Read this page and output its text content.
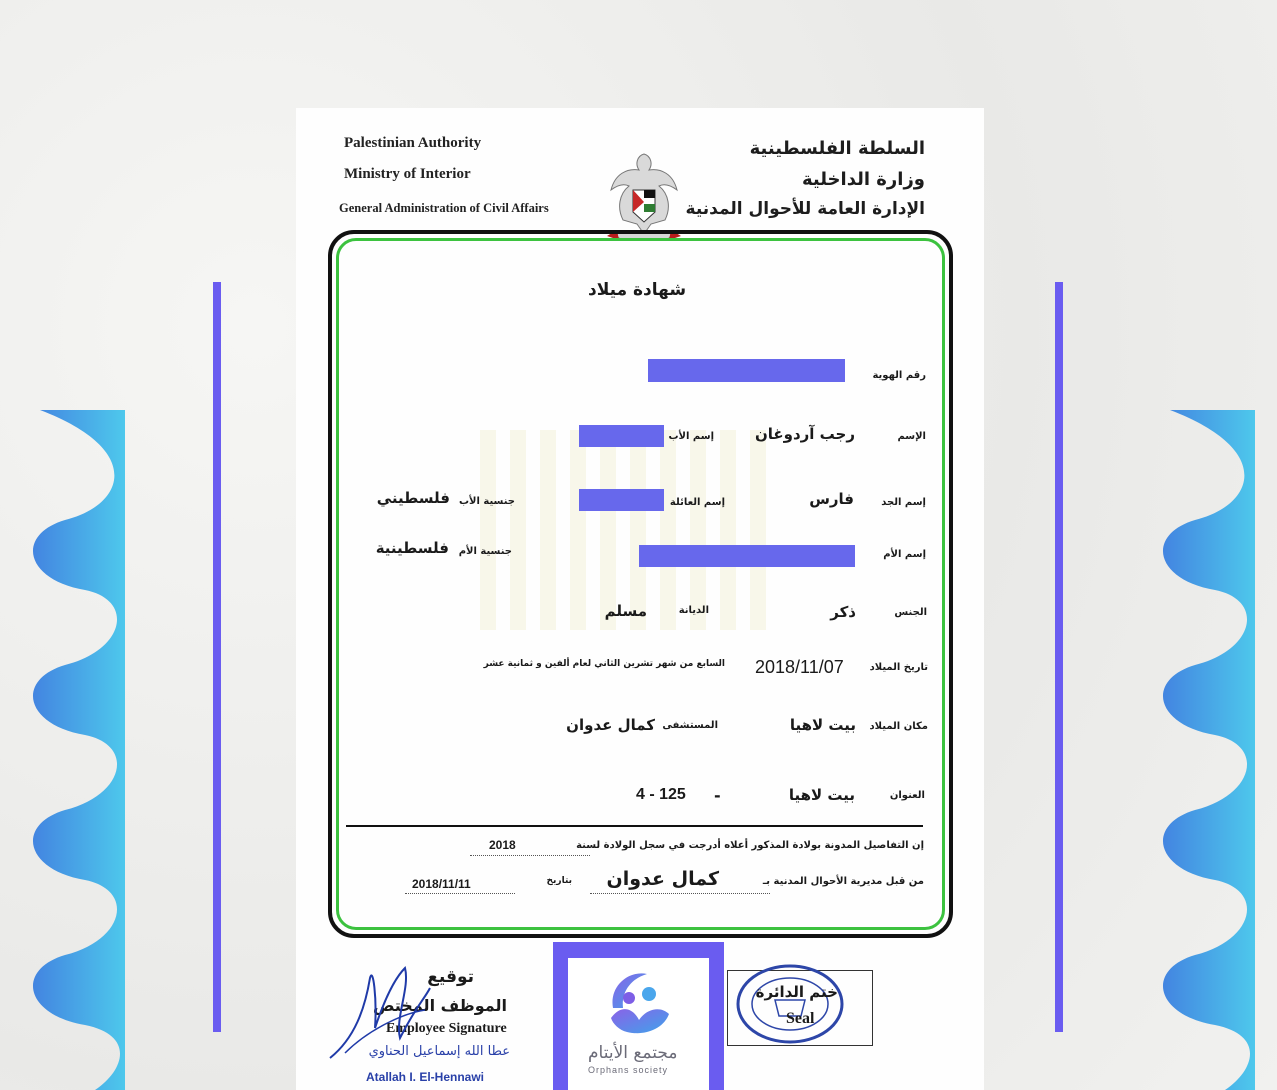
Palestinian Authority
Ministry of Interior
General Administration of Civil Affairs
السلطة الفلسطينية
وزارة الداخلية
الإدارة العامة للأحوال المدنية
شهادة ميلاد
رقم الهوية
الإسم
رجب آردوغان
إسم الأب
إسم الجد
فارس
إسم العائلة
جنسية الأب
فلسطيني
إسم الأم
جنسية الأم
فلسطينية
الجنس
ذكر
الديانة
مسلم
تاريخ الميلاد
2018/11/07
السابع من شهر تشرين الثاني لعام ألفين و ثمانية عشر
مكان الميلاد
بيت لاهيا
المستشفى
كمال عدوان
العنوان
بيت لاهيا
-
4 - 125
إن التفاصيل المدونة بولادة المذكور أعلاه أدرجت في سجل الولادة لسنة
2018
من قبل مديرية الأحوال المدنية بـ
كمال عدوان
بتاريخ
2018/11/11
توقيع
الموظف المختص
Employee Signature
عطا الله إسماعيل الحناوي
Atallah I. El-Hennawi
مجتمع الأيتام
Orphans society
ختم الدائرة
Seal
